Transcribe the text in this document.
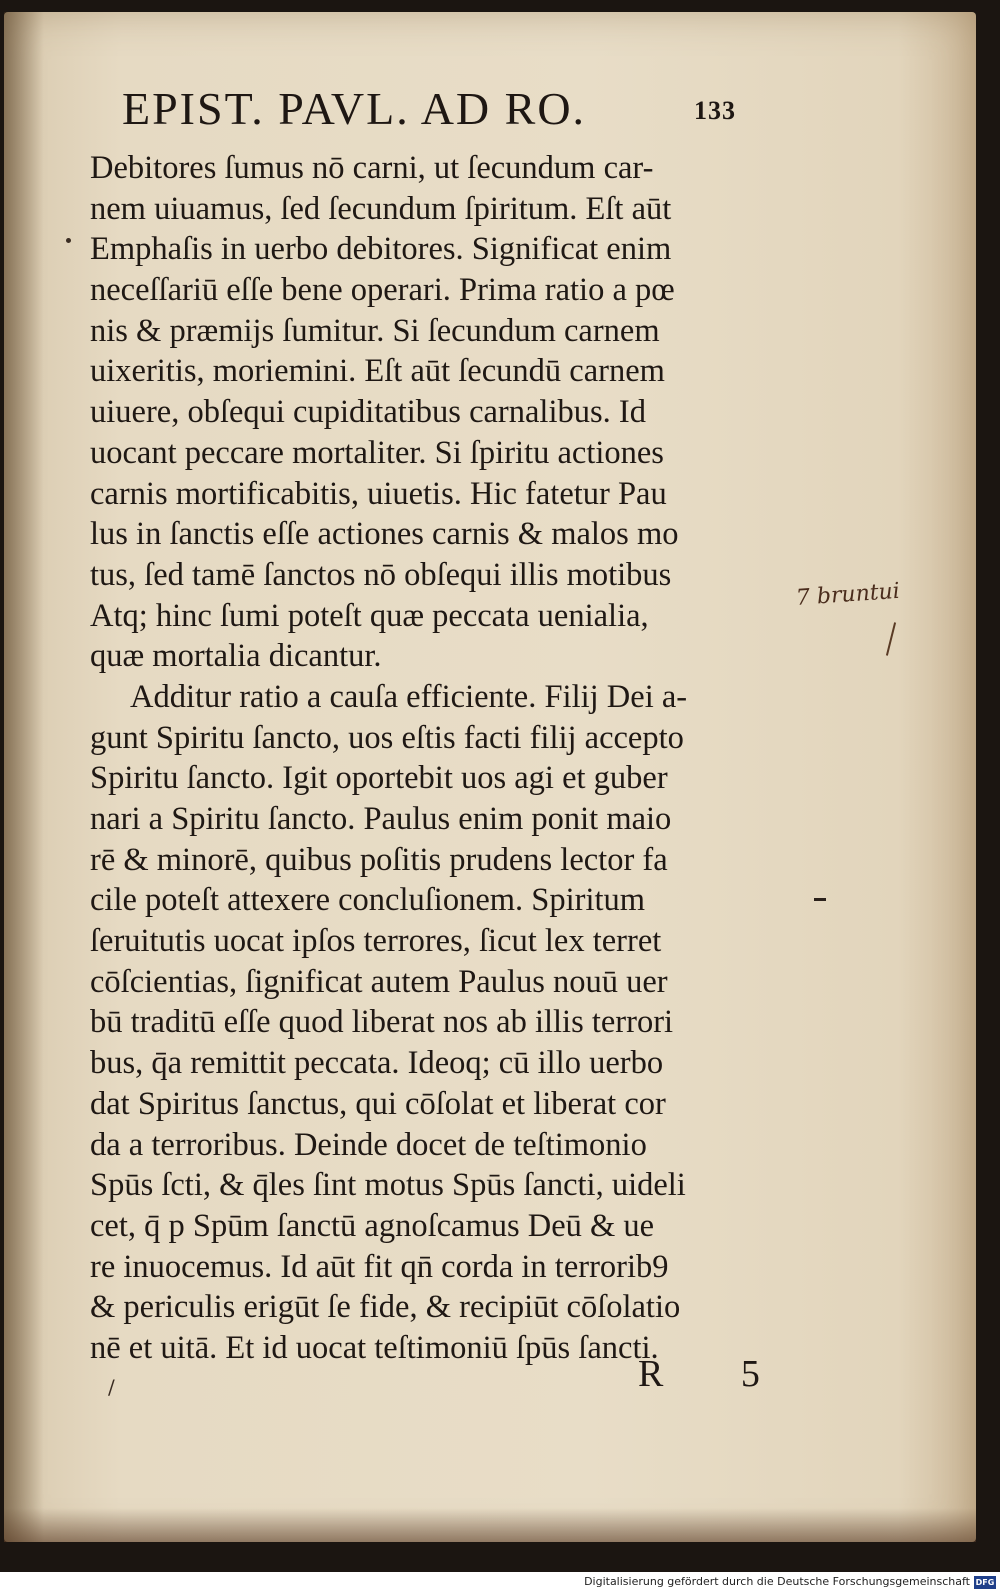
EPIST. PAVL. AD RO.	133
Debitores ſumus nō carni, ut ſecundum car-
nem uiuamus, ſed ſecundum ſpiritum. Eſt aūt
Emphaſis in uerbo debitores. Significat enim
neceſſariū eſſe bene operari. Prima ratio a pœ
nis & præmijs ſumitur. Si ſecundum carnem
uixeritis, moriemini. Eſt aūt ſecundū carnem
uiuere, obſequi cupiditatibus carnalibus. Id
uocant peccare mortaliter. Si ſpiritu actiones
carnis mortificabitis, uiuetis. Hic fatetur Pau
lus in ſanctis eſſe actiones carnis & malos mo
tus, ſed tamē ſanctos nō obſequi illis motibus
Atq; hinc ſumi poteſt quæ peccata uenialia,
quæ mortalia dicantur.
Additur ratio a cauſa efficiente. Filij Dei a-
gunt Spiritu ſancto, uos eſtis facti filij accepto
Spiritu ſancto. Igit oportebit uos agi et guber
nari a Spiritu ſancto. Paulus enim ponit maio
rē & minorē, quibus poſitis prudens lector fa
cile poteſt attexere concluſionem. Spiritum
ſeruitutis uocat ipſos terrores, ſicut lex terret
cōſcientias, ſignificat autem Paulus nouū uer
bū traditū eſſe quod liberat nos ab illis terrori
bus, q̄a remittit peccata. Ideoq; cū illo uerbo
dat Spiritus ſanctus, qui cōſolat et liberat cor
da a terroribus. Deinde docet de teſtimonio
Spūs ſcti, & q̄les ſint motus Spūs ſancti, uideli
cet, q̄ p Spūm ſanctū agnoſcamus Deū & ue
re inuocemus. Id aūt fit qn̄ corda in terrorib9
& periculis erigūt ſe fide, & recipiūt cōſolatio
nē et uitā. Et id uocat teſtimoniū ſpūs ſancti.
7 bruntui
/	R 5
Digitalisierung gefördert durch die Deutsche Forschungsgemeinschaft DFG
